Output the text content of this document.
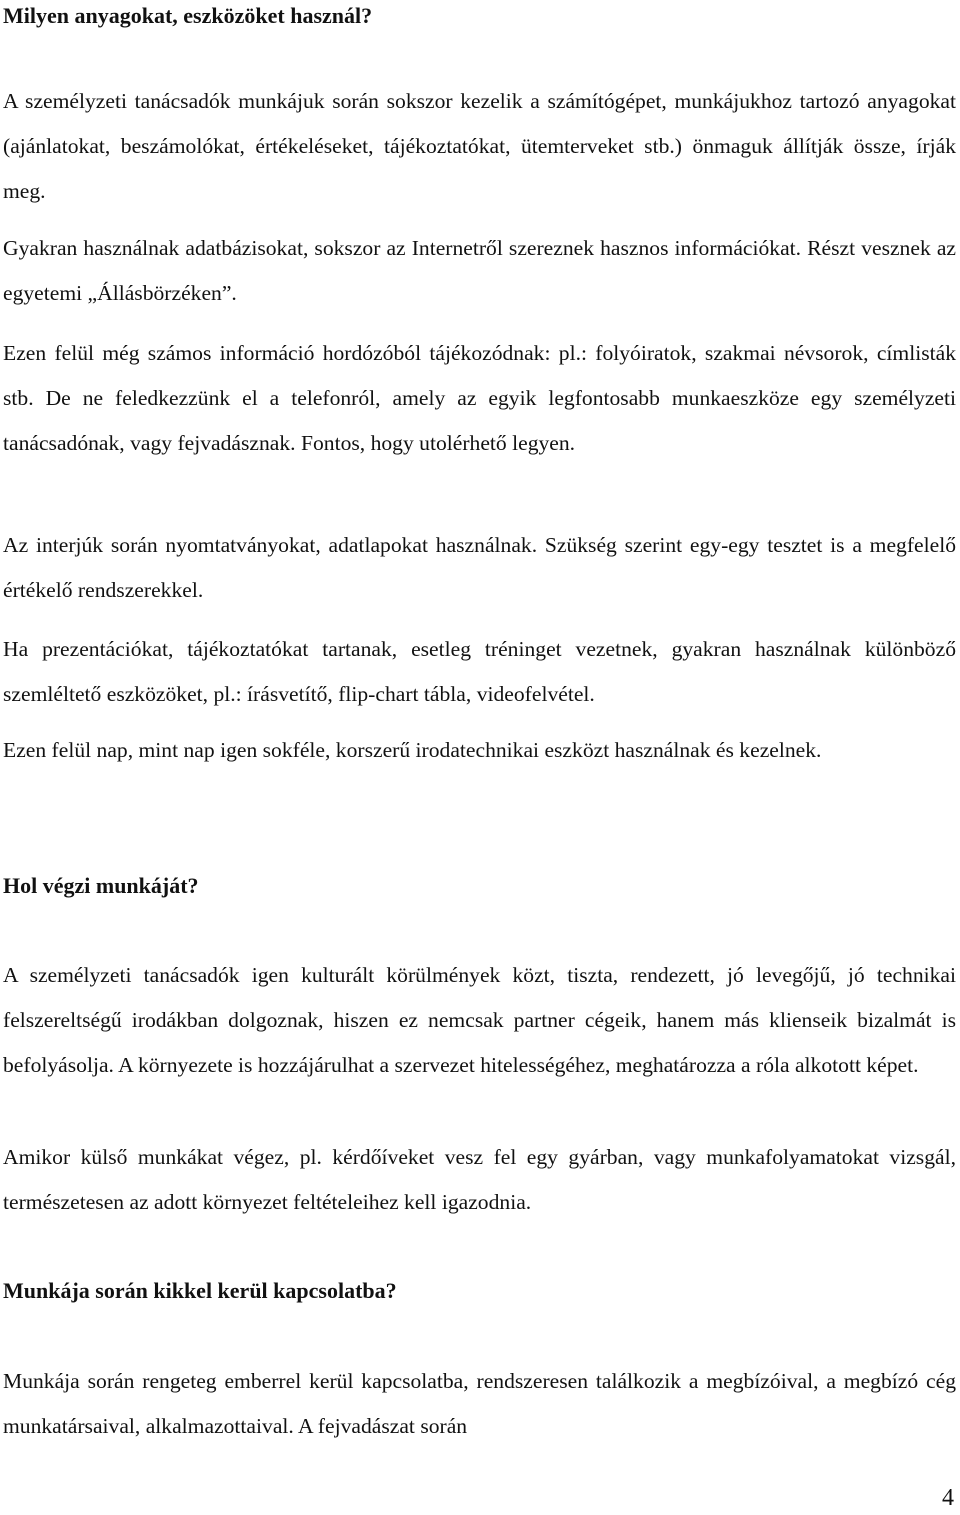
Milyen anyagokat, eszközöket használ?

A személyzeti tanácsadók munkájuk során sokszor kezelik a számítógépet, munkájukhoz tartozó anyagokat (ajánlatokat, beszámolókat, értékeléseket, tájékoztatókat, ütemterveket stb.) önmaguk állítják össze, írják meg.

Gyakran használnak adatbázisokat, sokszor az Internetről szereznek hasznos információkat. Részt vesznek az egyetemi „Állásbörzéken”.

Ezen felül még számos információ hordózóból tájékozódnak: pl.: folyóiratok, szakmai névsorok, címlisták stb. De ne feledkezzünk el a telefonról, amely az egyik legfontosabb munkaeszköze egy személyzeti tanácsadónak, vagy fejvadásznak. Fontos, hogy utolérhető legyen.

Az interjúk során nyomtatványokat, adatlapokat használnak. Szükség szerint egy-egy tesztet is a megfelelő értékelő rendszerekkel.

Ha prezentációkat, tájékoztatókat tartanak, esetleg tréninget vezetnek, gyakran használnak különböző szemléltető eszközöket, pl.: írásvetítő, flip-chart tábla, videofelvétel.

Ezen felül nap, mint nap igen sokféle, korszerű irodatechnikai eszközt használnak és kezelnek.

Hol végzi munkáját?

A személyzeti tanácsadók igen kulturált körülmények közt, tiszta, rendezett, jó levegőjű, jó technikai felszereltségű irodákban dolgoznak, hiszen ez nemcsak partner cégeik, hanem más klienseik bizalmát is befolyásolja. A környezete is hozzájárulhat a szervezet hitelességéhez, meghatározza a róla alkotott képet.

Amikor külső munkákat végez, pl. kérdőíveket vesz fel egy gyárban, vagy munkafolyamatokat vizsgál, természetesen az adott környezet feltételeihez kell igazodnia.

Munkája során kikkel kerül kapcsolatba?

Munkája során rengeteg emberrel kerül kapcsolatba, rendszeresen találkozik a megbízóival, a megbízó cég munkatársaival, alkalmazottaival. A fejvadászat során

4
